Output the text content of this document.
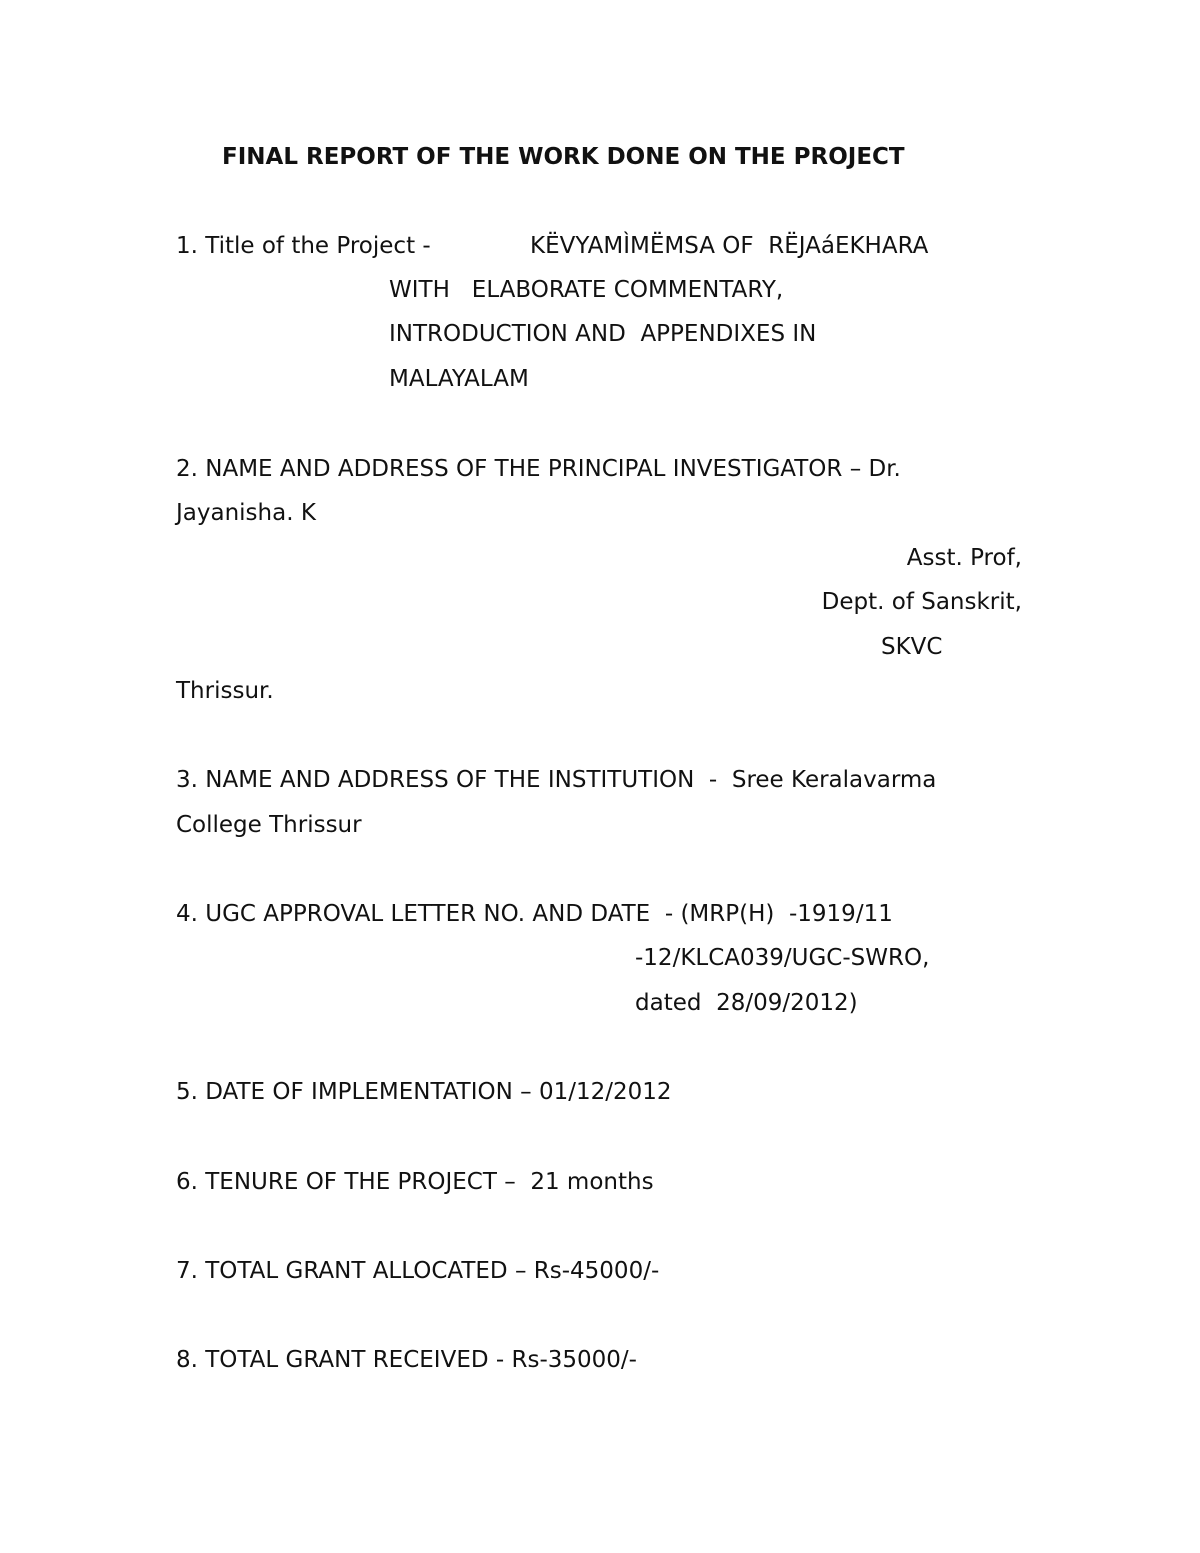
FINAL REPORT OF THE WORK DONE ON THE PROJECT
1. Title of the Project -	KËVYAMÌMËMSA OF  RËJAáEKHARA
WITH   ELABORATE COMMENTARY,
INTRODUCTION AND  APPENDIXES IN
MALAYALAM
2. NAME AND ADDRESS OF THE PRINCIPAL INVESTIGATOR – Dr.
Jayanisha. K
Asst. Prof,
Dept. of Sanskrit,
SKVC
Thrissur.
3. NAME AND ADDRESS OF THE INSTITUTION  -  Sree Keralavarma
College Thrissur
4. UGC APPROVAL LETTER NO. AND DATE  - (MRP(H)  -1919/11
-12/KLCA039/UGC-SWRO,
dated  28/09/2012)
5. DATE OF IMPLEMENTATION – 01/12/2012
6. TENURE OF THE PROJECT –  21 months
7. TOTAL GRANT ALLOCATED – Rs-45000/-
8. TOTAL GRANT RECEIVED - Rs-35000/-
